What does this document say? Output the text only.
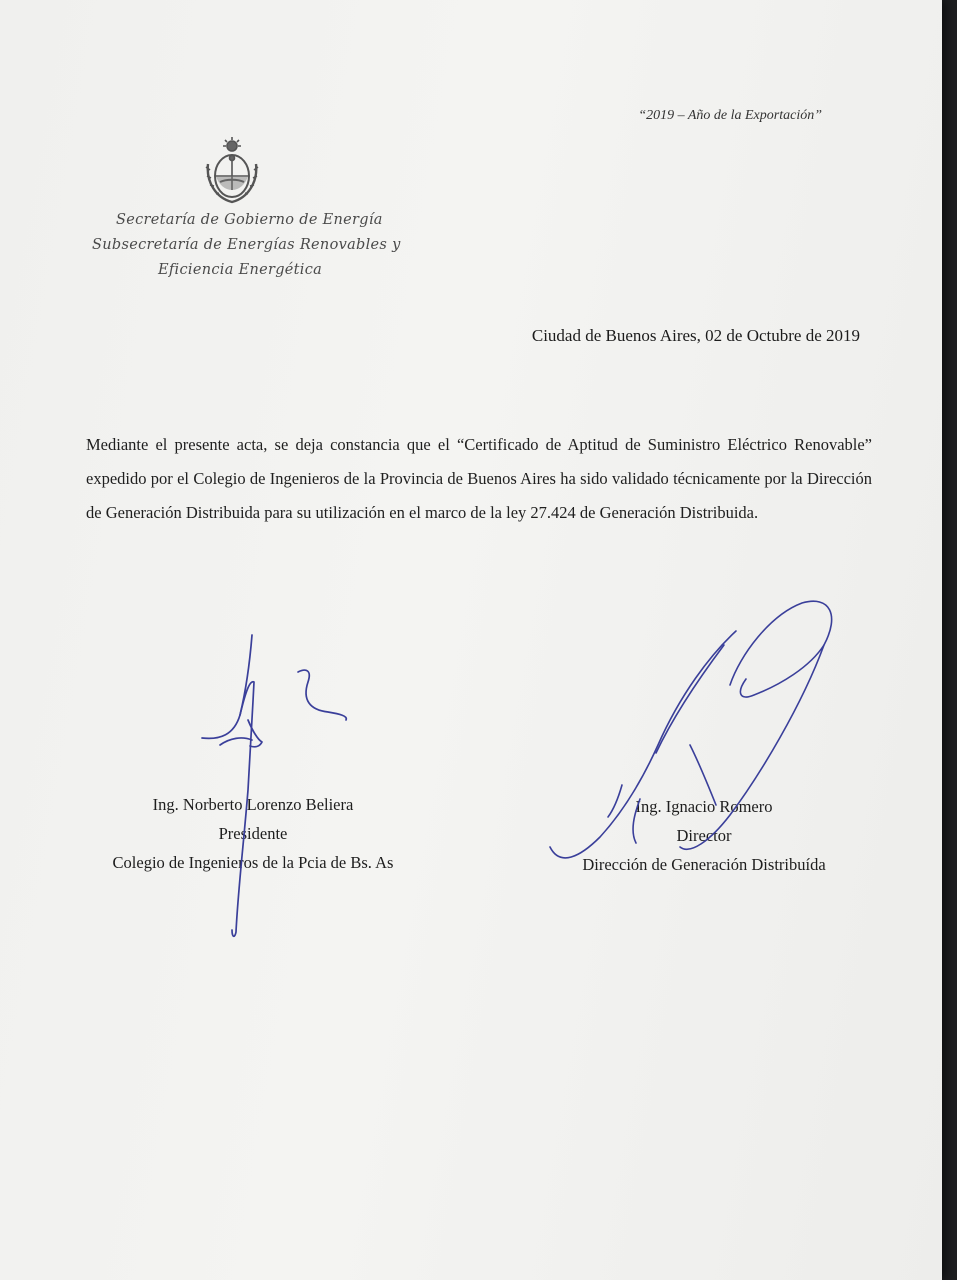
“2019 – Año de la Exportación”
Secretaría de Gobierno de Energía
Subsecretaría de Energías Renovables y
Eficiencia Energética
Ciudad de Buenos Aires, 02 de Octubre de 2019
Mediante el presente acta, se deja constancia que el “Certificado de Aptitud de Suministro Eléctrico Renovable” expedido por el Colegio de Ingenieros de la Provincia de Buenos Aires ha sido validado técnicamente por la Dirección de Generación Distribuida para su utilización en el marco de la ley 27.424 de Generación Distribuida.
Ing. Norberto Lorenzo Beliera
Presidente
Colegio de Ingenieros de la Pcia de Bs. As
Ing. Ignacio Romero
Director
Dirección de Generación Distribuída
